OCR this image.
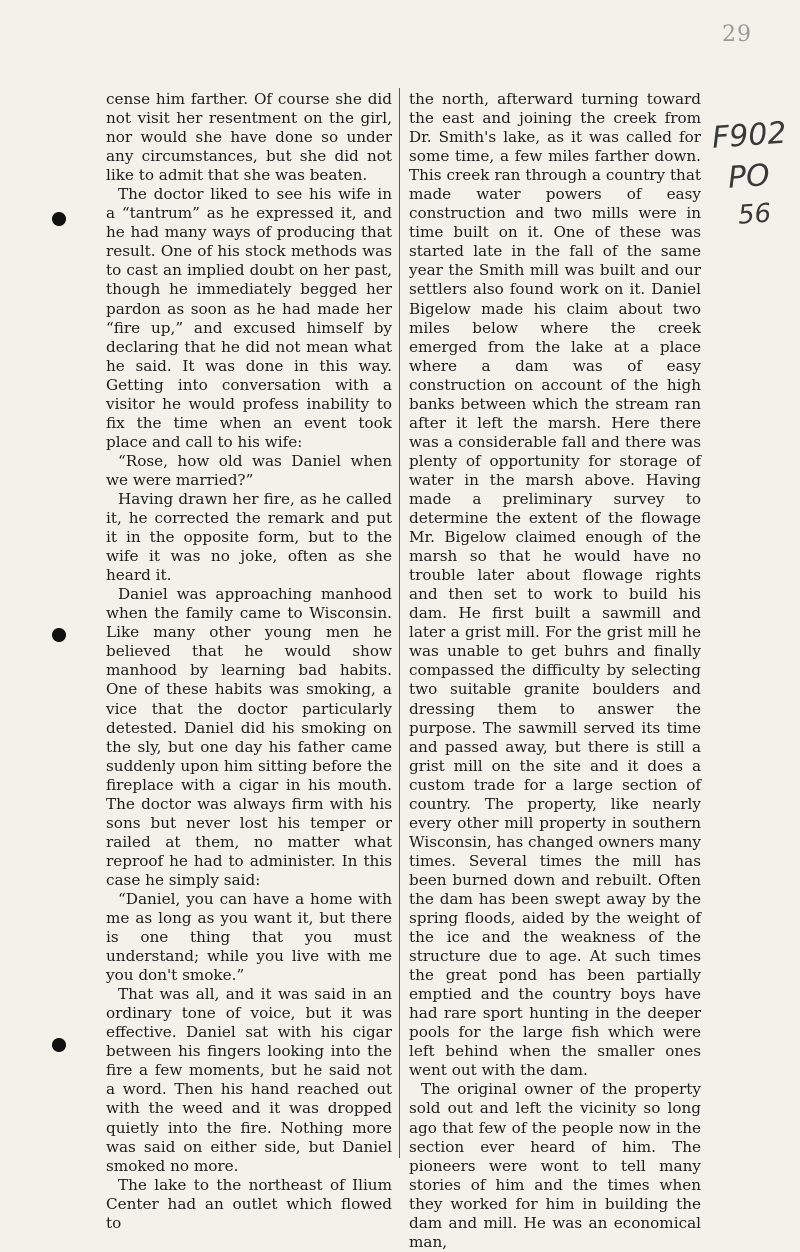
29
F902
PO
56

cense him farther. Of course she did not visit her resentment on the girl, nor would she have done so under any circumstances, but she did not like to admit that she was beaten.

The doctor liked to see his wife in a “tantrum” as he expressed it, and he had many ways of producing that result. One of his stock methods was to cast an implied doubt on her past, though he immediately begged her pardon as soon as he had made her “fire up,” and excused himself by declaring that he did not mean what he said. It was done in this way. Getting into conversation with a visitor he would profess inability to fix the time when an event took place and call to his wife:

“Rose, how old was Daniel when we were married?”

Having drawn her fire, as he called it, he corrected the remark and put it in the opposite form, but to the wife it was no joke, often as she heard it.

Daniel was approaching manhood when the family came to Wisconsin. Like many other young men he believed that he would show manhood by learning bad habits. One of these habits was smoking, a vice that the doctor particularly detested. Daniel did his smoking on the sly, but one day his father came suddenly upon him sitting before the fireplace with a cigar in his mouth. The doctor was always firm with his sons but never lost his temper or railed at them, no matter what reproof he had to administer. In this case he simply said:

“Daniel, you can have a home with me as long as you want it, but there is one thing that you must understand; while you live with me you don't smoke.”

That was all, and it was said in an ordinary tone of voice, but it was effective. Daniel sat with his cigar between his fingers looking into the fire a few moments, but he said not a word. Then his hand reached out with the weed and it was dropped quietly into the fire. Nothing more was said on either side, but Daniel smoked no more.

The lake to the northeast of Ilium Center had an outlet which flowed to

the north, afterward turning toward the east and joining the creek from Dr. Smith's lake, as it was called for some time, a few miles farther down. This creek ran through a country that made water powers of easy construction and two mills were in time built on it. One of these was started late in the fall of the same year the Smith mill was built and our settlers also found work on it. Daniel Bigelow made his claim about two miles below where the creek emerged from the lake at a place where a dam was of easy construction on account of the high banks between which the stream ran after it left the marsh. Here there was a considerable fall and there was plenty of opportunity for storage of water in the marsh above. Having made a preliminary survey to determine the extent of the flowage Mr. Bigelow claimed enough of the marsh so that he would have no trouble later about flowage rights and then set to work to build his dam. He first built a sawmill and later a grist mill. For the grist mill he was unable to get buhrs and finally compassed the difficulty by selecting two suitable granite boulders and dressing them to answer the purpose. The sawmill served its time and passed away, but there is still a grist mill on the site and it does a custom trade for a large section of country. The property, like nearly every other mill property in southern Wisconsin, has changed owners many times. Several times the mill has been burned down and rebuilt. Often the dam has been swept away by the spring floods, aided by the weight of the ice and the weakness of the structure due to age. At such times the great pond has been partially emptied and the country boys have had rare sport hunting in the deeper pools for the large fish which were left behind when the smaller ones went out with the dam.

The original owner of the property sold out and left the vicinity so long ago that few of the people now in the section ever heard of him. The pioneers were wont to tell many stories of him and the times when they worked for him in building the dam and mill. He was an economical man,
